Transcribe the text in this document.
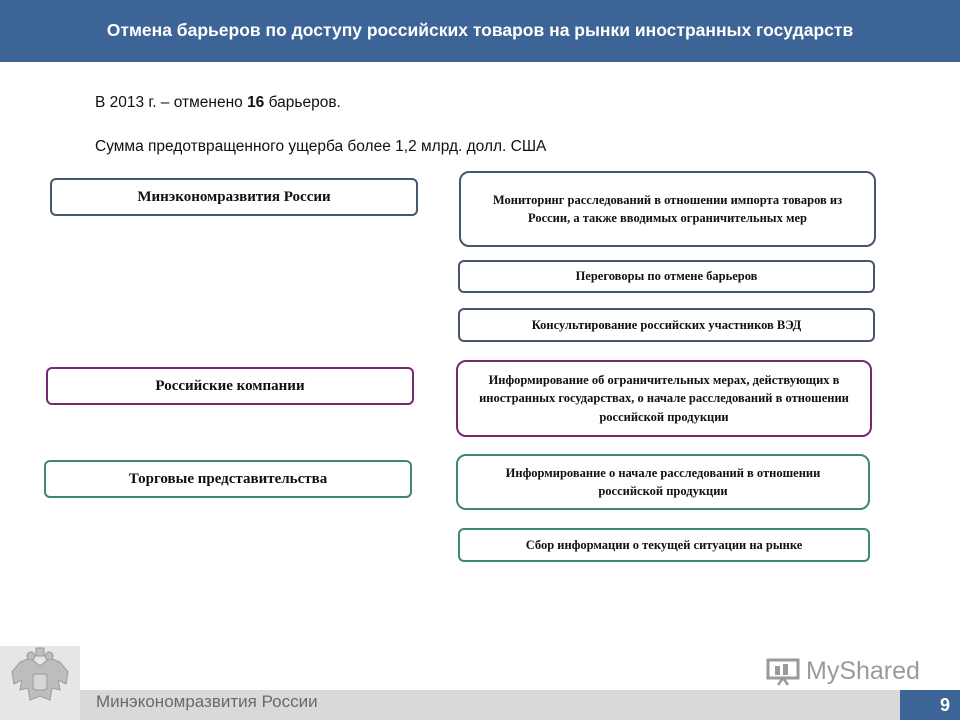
Отмена барьеров по доступу российских товаров на рынки иностранных государств
В 2013 г. – отменено 16 барьеров.
Сумма предотвращенного ущерба более 1,2 млрд. долл. США
Минэкономразвития России
Российские компании
Торговые представительства
Мониторинг расследований в отношении импорта товаров из России, а также вводимых ограничительных мер
Переговоры по отмене барьеров
Консультирование российских участников ВЭД
Информирование об ограничительных мерах, действующих в иностранных государствах, о начале расследований в отношении российской продукции
Информирование о начале расследований в отношении российской продукции
Сбор информации о текущей ситуации на рынке
Минэкономразвития России	9
MyShared
